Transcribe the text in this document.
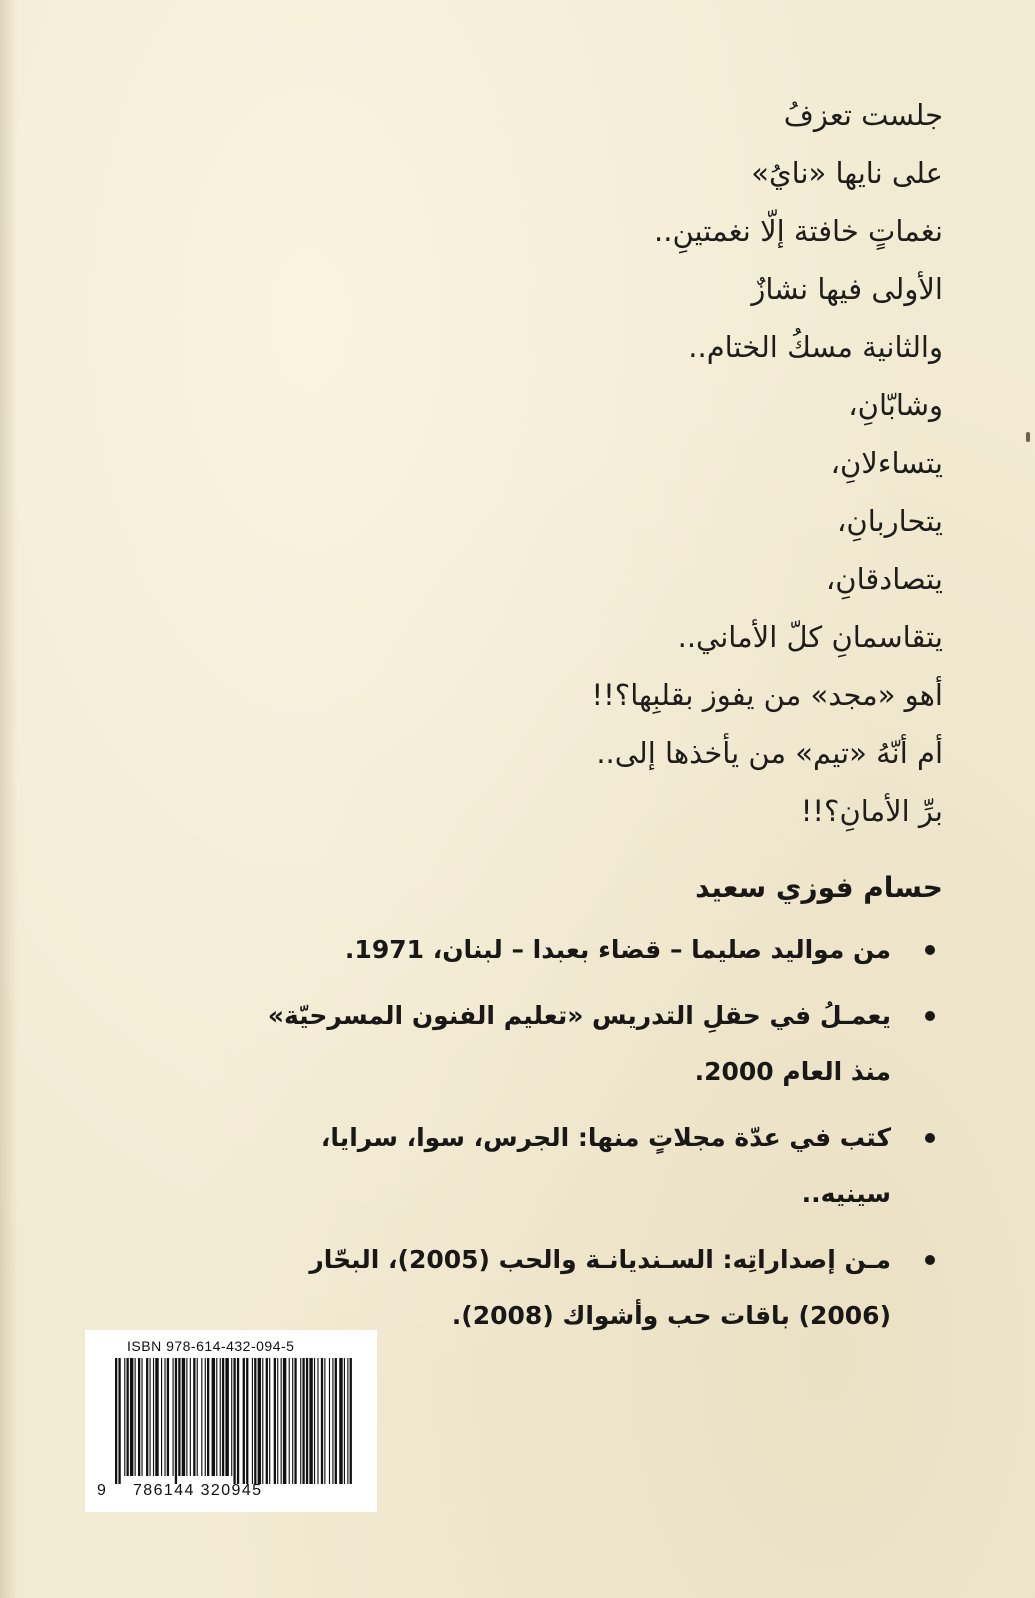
جلست تعزفُ
على نايها «نايُ»
نغماتٍ خافتة إلّا نغمتينِ..
الأولى فيها نشازٌ
والثانية مسكُ الختام..
وشابّانِ،
يتساءلانِ،
يتحاربانِ،
يتصادقانِ،
يتقاسمانِ كلّ الأماني..
أهو «مجد» من يفوز بقلبِها؟!!
أم أنّهُ «تيم» من يأخذها إلى..
برِّ الأمانِ؟!!
حسام فوزي سعيد
من مواليد صليما – قضاء بعبدا – لبنان، 1971.
يعمـلُ في حقلِ التدريس «تعليم الفنون المسرحيّة» منذ العام 2000.
كتب في عدّة مجلاتٍ منها: الجرس، سوا، سرايا، سينيه..
مـن إصداراتِه: السـنديانـة والحب (2005)، البحّار (2006) باقات حب وأشواك (2008).
ISBN 978-614-432-094-5
9 786144 320945
